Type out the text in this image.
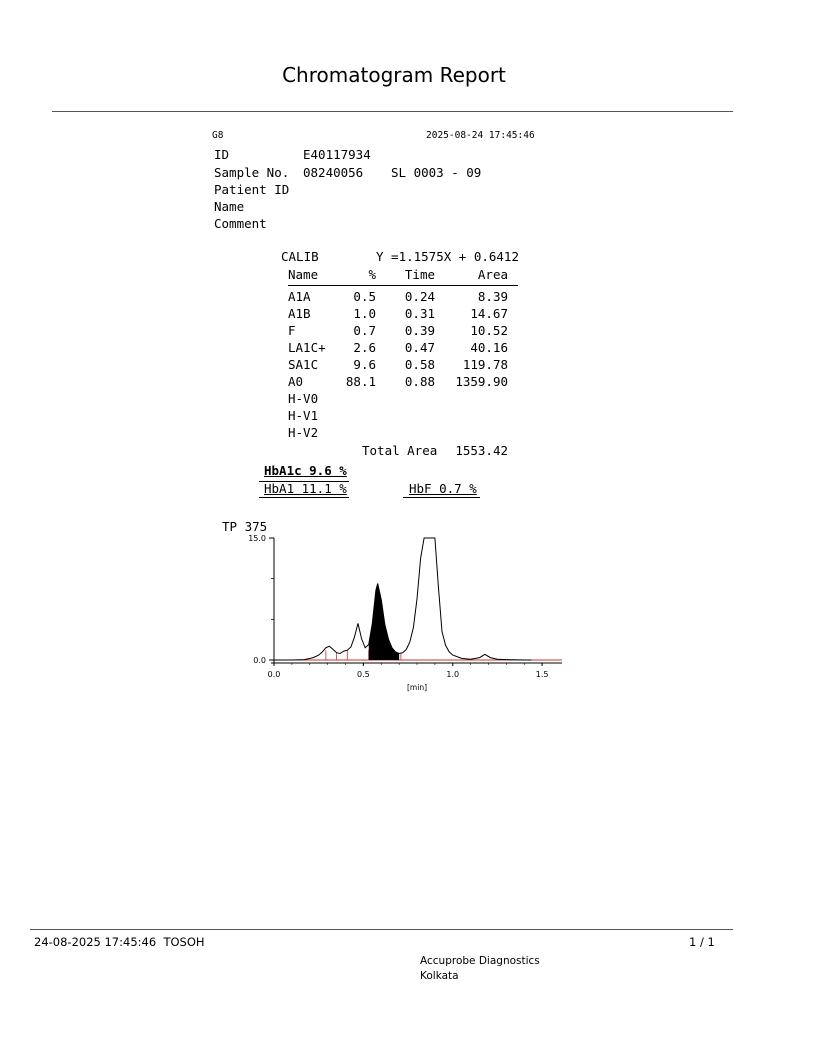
Chromatogram Report
G8	2025-08-24 17:45:46
ID	E40117934
Sample No. 08240056 SL 0003 - 09
Patient ID
Name
Comment
CALIB	Y =1.1575X + 0.6412
Name	%	Time	Area
A1A	0.5	0.24	8.39
A1B	1.0	0.31	14.67
F	0.7	0.39	10.52
LA1C+	2.6	0.47	40.16
SA1C	9.6	0.58	119.78
A0	88.1	0.88	1359.90
H-V0
H-V1
H-V2
Total Area	1553.42
HbA1c 9.6 %
HbA1 11.1 %	HbF 0.7 %
TP 375
15.0
0.0
0.0	0.5	1.0	1.5
[min]
24-08-2025 17:45:46  TOSOH	1 / 1
Accuprobe Diagnostics
Kolkata
